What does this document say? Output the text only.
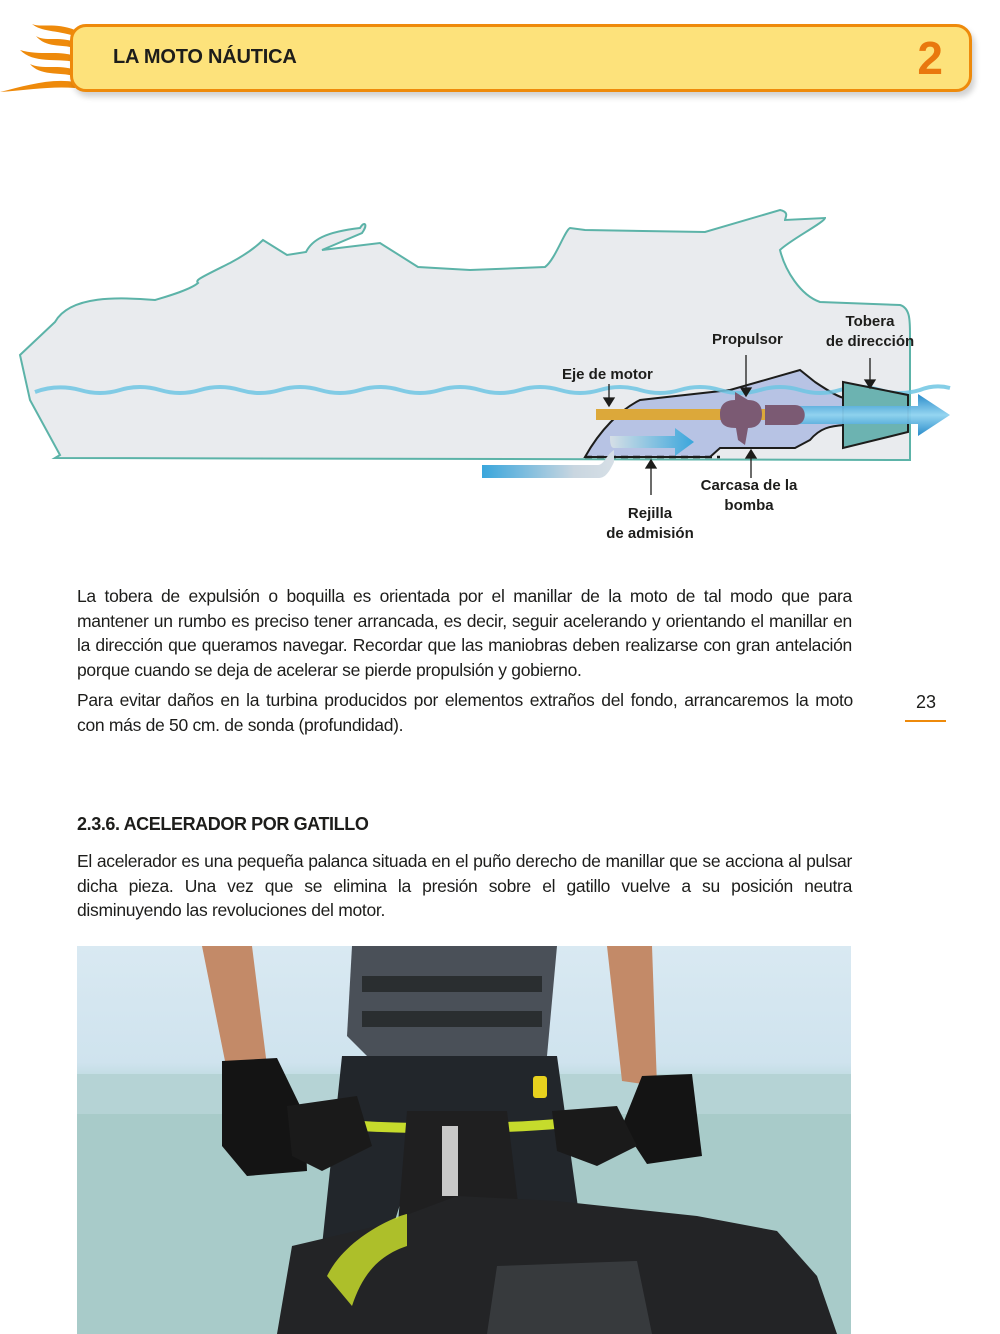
LA MOTO NÁUTICA	2
Eje de motor
Propulsor
Tobera
de dirección
Carcasa de la
bomba
Rejilla
de admisión

La tobera de expulsión o boquilla es orientada por el manillar de la moto de tal modo que para mantener un rumbo es preciso tener arrancada, es decir, seguir acelerando y orientando el manillar en la dirección que queramos navegar. Recordar que las maniobras deben realizarse con gran antelación porque cuando se deja de acelerar se pierde propulsión y gobierno.

Para evitar daños en la turbina producidos por elementos extraños del fondo, arrancaremos la moto con más de 50 cm. de sonda (profundidad).

23
2.3.6. ACELERADOR POR GATILLO

El acelerador es una pequeña palanca situada en el puño derecho de manillar que se acciona al pulsar dicha pieza. Una vez que se elimina la presión sobre el gatillo vuelve a su posición neutra disminuyendo las revoluciones del motor.
